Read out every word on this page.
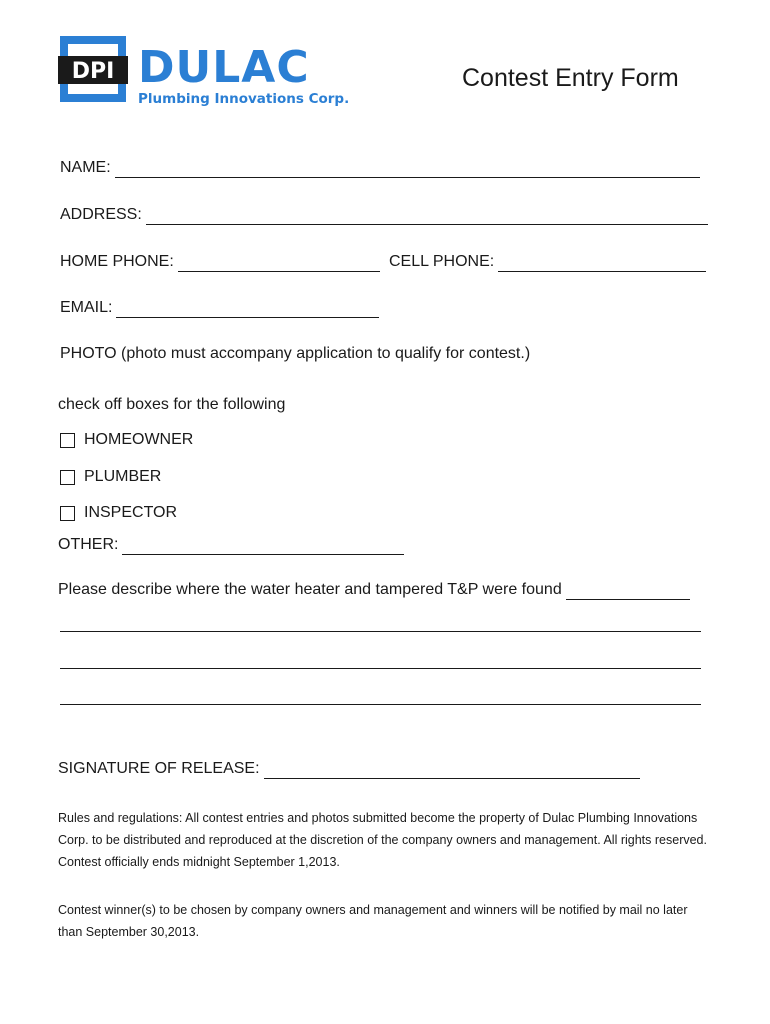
DPI DULAC
Plumbing Innovations Corp.
Contest Entry Form
NAME:
ADDRESS:
HOME PHONE:	CELL PHONE:
EMAIL:
PHOTO (photo must accompany application to qualify for contest.)
check off boxes for the following
HOMEOWNER
PLUMBER
INSPECTOR
OTHER:
Please describe where the water heater and tampered T&P were found
SIGNATURE OF RELEASE:
Rules and regulations: All contest entries and photos submitted become the property of Dulac Plumbing Innovations Corp. to be distributed and reproduced at the discretion of the company owners and management. All rights reserved. Contest officially ends midnight September 1,2013.
Contest winner(s) to be chosen by company owners and management and winners will be notified by mail no later than September 30,2013.
